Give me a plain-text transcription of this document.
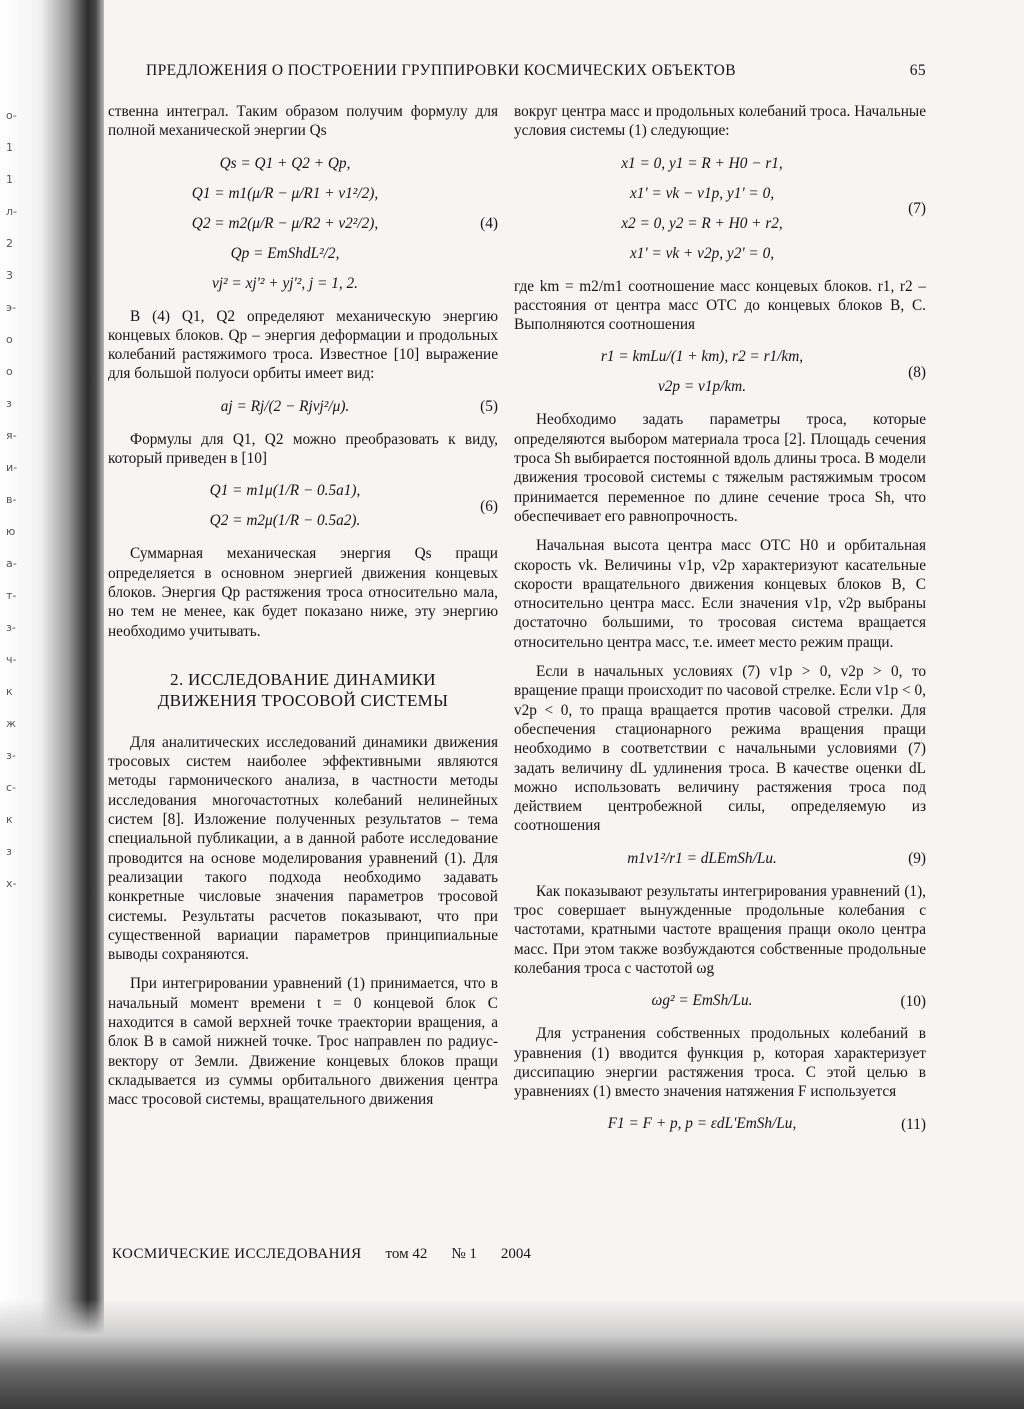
о-
1
1
л-
2
3
э-
о
о
з
я-
и-
в-
ю
а-
т-
з-
ч-
к
ж
з-
с-
к
з
х-
ПРЕДЛОЖЕНИЯ О ПОСТРОЕНИИ ГРУППИРОВКИ КОСМИЧЕСКИХ ОБЪЕКТОВ	65

ственна интеграл. Таким образом получим формулу для полной механической энергии Qs

Qs = Q1 + Q2 + Qp,
Q1 = m1(μ/R − μ/R1 + v1²/2),
Q2 = m2(μ/R − μ/R2 + v2²/2),
Qp = EmShdL²/2,
vj² = xj'² + yj'², j = 1, 2.
(4)

В (4) Q1, Q2 определяют механическую энергию концевых блоков. Qp – энергия деформации и продольных колебаний растяжимого троса. Известное [10] выражение для большой полуоси орбиты имеет вид:

aj = Rj/(2 − Rjvj²/μ).	(5)

Формулы для Q1, Q2 можно преобразовать к виду, который приведен в [10]

Q1 = m1μ(1/R − 0.5a1),
Q2 = m2μ(1/R − 0.5a2).
(6)

Суммарная механическая энергия Qs пращи определяется в основном энергией движения концевых блоков. Энергия Qp растяжения троса относительно мала, но тем не менее, как будет показано ниже, эту энергию необходимо учитывать.

2. ИССЛЕДОВАНИЕ ДИНАМИКИ
ДВИЖЕНИЯ ТРОСОВОЙ СИСТЕМЫ

Для аналитических исследований динамики движения тросовых систем наиболее эффективными являются методы гармонического анализа, в частности методы исследования многочастотных колебаний нелинейных систем [8]. Изложение полученных результатов – тема специальной публикации, а в данной работе исследование проводится на основе моделирования уравнений (1). Для реализации такого подхода необходимо задавать конкретные числовые значения параметров тросовой системы. Результаты расчетов показывают, что при существенной вариации параметров принципиальные выводы сохраняются.

При интегрировании уравнений (1) принимается, что в начальный момент времени t = 0 концевой блок C находится в самой верхней точке траектории вращения, а блок B в самой нижней точке. Трос направлен по радиус-вектору от Земли. Движение концевых блоков пращи складывается из суммы орбитального движения центра масс тросовой системы, вращательного движения

вокруг центра масс и продольных колебаний троса. Начальные условия системы (1) следующие:

x1 = 0, y1 = R + H0 − r1,
x1' = vk − v1p, y1' = 0,
x2 = 0, y2 = R + H0 + r2,
x1' = vk + v2p, y2' = 0,
(7)

где km = m2/m1 соотношение масс концевых блоков. r1, r2 – расстояния от центра масс ОТС до концевых блоков B, C. Выполняются соотношения

r1 = kmLu/(1 + km), r2 = r1/km,
v2p = v1p/km.
(8)

Необходимо задать параметры троса, которые определяются выбором материала троса [2]. Площадь сечения троса Sh выбирается постоянной вдоль длины троса. В модели движения тросовой системы с тяжелым растяжимым тросом принимается переменное по длине сечение троса Sh, что обеспечивает его равнопрочность.

Начальная высота центра масс ОТС H0 и орбитальная скорость vk. Величины v1p, v2p характеризуют касательные скорости вращательного движения концевых блоков B, C относительно центра масс. Если значения v1p, v2p выбраны достаточно большими, то тросовая система вращается относительно центра масс, т.е. имеет место режим пращи.

Если в начальных условиях (7) v1p > 0, v2p > 0, то вращение пращи происходит по часовой стрелке. Если v1p < 0, v2p < 0, то праща вращается против часовой стрелки. Для обеспечения стационарного режима вращения пращи необходимо в соответствии с начальными условиями (7) задать величину dL удлинения троса. В качестве оценки dL можно использовать величину растяжения троса под действием центробежной силы, определяемую из соотношения

m1v1²/r1 = dLEmSh/Lu.	(9)

Как показывают результаты интегрирования уравнений (1), трос совершает вынужденные продольные колебания с частотами, кратными частоте вращения пращи около центра масс. При этом также возбуждаются собственные продольные колебания троса с частотой ωg

ωg² = EmSh/Lu.	(10)

Для устранения собственных продольных колебаний в уравнения (1) вводится функция p, которая характеризует диссипацию энергии растяжения троса. С этой целью в уравнениях (1) вместо значения натяжения F используется

F1 = F + p, p = εdL'EmSh/Lu,	(11)
КОСМИЧЕСКИЕ ИССЛЕДОВАНИЯ том 42 № 1 2004
